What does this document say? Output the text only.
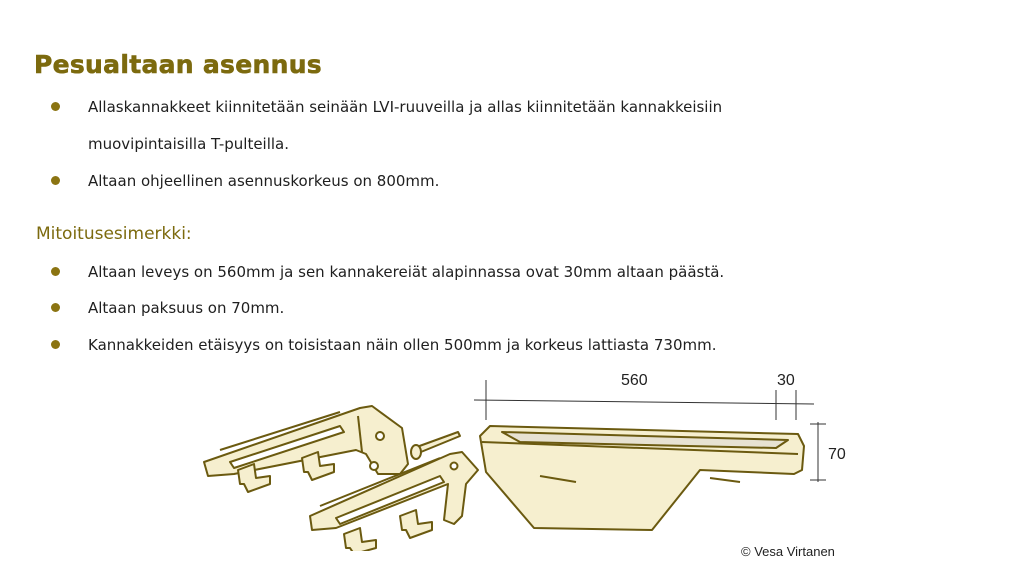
Pesualtaan asennus
Allaskannakkeet kiinnitetään seinään LVI-ruuveilla ja allas kiinnitetään kannakkeisiin
muovipintaisilla T-pulteilla.
Altaan ohjeellinen asennuskorkeus on 800mm.
Mitoitusesimerkki:
Altaan leveys on 560mm ja sen kannakereiät alapinnassa ovat 30mm altaan päästä.
Altaan paksuus on 70mm.
Kannakkeiden etäisyys on toisistaan näin ollen 500mm ja korkeus lattiasta 730mm.
560	30
70
© Vesa Virtanen
